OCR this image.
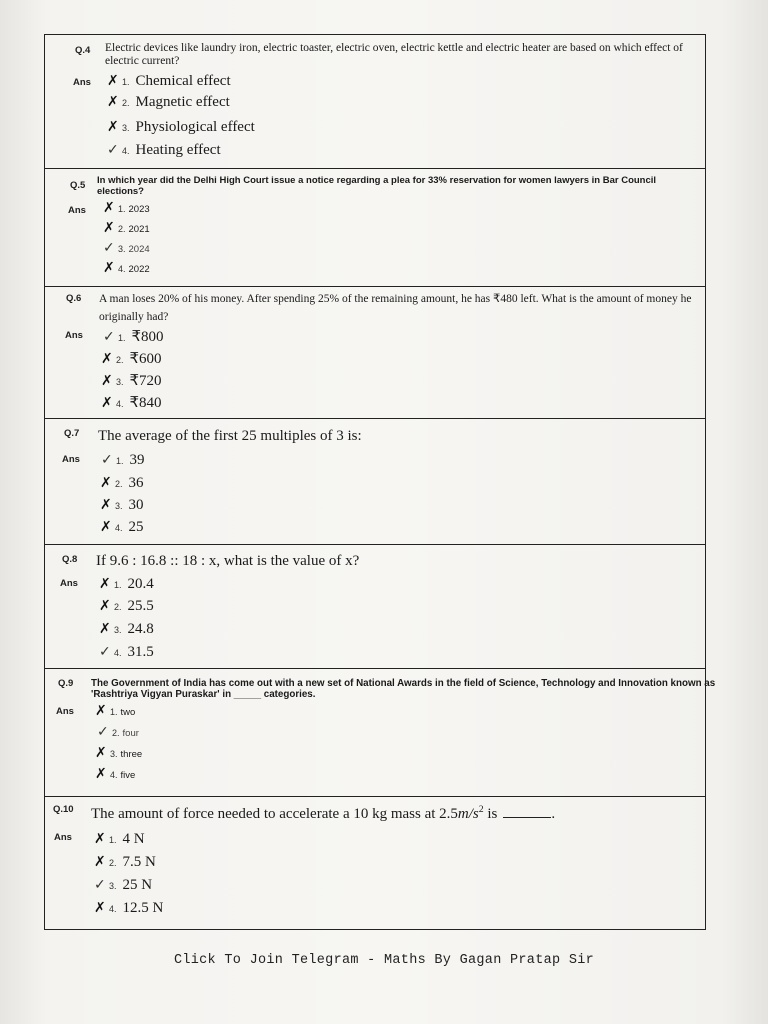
Q.4 Electric devices like laundry iron, electric toaster, electric oven, electric kettle and electric heater are based on which effect of electric current?
Ans ✗ 1. Chemical effect
✗ 2. Magnetic effect
✗ 3. Physiological effect
✓ 4. Heating effect
Q.5 In which year did the Delhi High Court issue a notice regarding a plea for 33% reservation for women lawyers in Bar Council elections?
Ans ✗ 1. 2023
✗ 2. 2021
✓ 3. 2024
✗ 4. 2022
Q.6 A man loses 20% of his money. After spending 25% of the remaining amount, he has ₹480 left. What is the amount of money he originally had?
Ans ✓ 1. ₹800
✗ 2. ₹600
✗ 3. ₹720
✗ 4. ₹840
Q.7 The average of the first 25 multiples of 3 is:
Ans ✓ 1. 39
✗ 2. 36
✗ 3. 30
✗ 4. 25
Q.8 If 9.6 : 16.8 :: 18 : x, what is the value of x?
Ans ✗ 1. 20.4
✗ 2. 25.5
✗ 3. 24.8
✓ 4. 31.5
Q.9 The Government of India has come out with a new set of National Awards in the field of Science, Technology and Innovation known as 'Rashtriya Vigyan Puraskar' in _____ categories.
Ans ✗ 1. two
✓ 2. four
✗ 3. three
✗ 4. five
Q.10 The amount of force needed to accelerate a 10 kg mass at $2.5m/s^2$ is	.
Ans ✗ 1. 4 N
✗ 2. 7.5 N
✓ 3. 25 N
✗ 4. 12.5 N
Click To Join Telegram - Maths By Gagan Pratap Sir
